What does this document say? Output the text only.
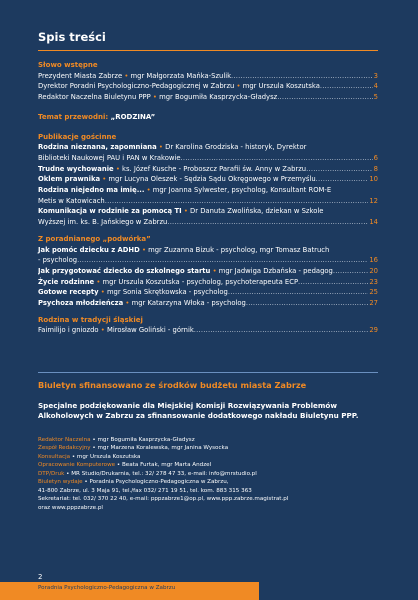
Spis treści
Słowo wstępne
Prezydent Miasta Zabrze • mgr Małgorzata Mańka-Szulik .....	3
Dyrektor Poradni Psychologiczno-Pedagogicznej w Zabrzu • mgr Urszula Koszutska .....	4
Redaktor Naczelna Biuletynu PPP • mgr Bogumiła Kasprzycka-Gładysz .....	5
Temat przewodni: „RODZINA”
Publikacje gościnne
Rodzina nieznana, zapomniana • Dr Karolina Grodziska - historyk, Dyrektor
Biblioteki Naukowej PAU i PAN w Krakowie .....	6
Trudne wychowanie • ks. Józef Kusche - Proboszcz Parafii św. Anny w Zabrzu .....	8
Oklem prawnika • mgr Lucyna Oleszek - Sędzia Sądu Okręgowego w Przemyślu .....	10
Rodzina niejedno ma imię... • mgr Joanna Sylwester, psycholog, Konsultant ROM-E
Metis w Katowicach .....	12
Komunikacja w rodzinie za pomocą TI • Dr Danuta Zwolińska, dziekan w Szkole
Wyższej im. ks. B. Jańskiego w Zabrzu .....	14
Z poradnianego „podwórka”
Jak pomóc dziecku z ADHD • mgr Zuzanna Bizuk - psycholog, mgr Tomasz Batruch
- psycholog .....	16
Jak przygotować dziecko do szkolnego startu • mgr Jadwiga Dzbańska - pedagog .....	20
Życie rodzinne • mgr Urszula Koszutska - psycholog, psychoterapeuta ECP .....	23
Gotowe recepty • mgr Sonia Skrętkowska - psycholog .....	25
Psychoza młodzieńcza • mgr Katarzyna Włoka - psycholog .....	27
Rodzina w tradycji śląskiej
Faimilijo i gniozdo • Mirosław Goliński - górnik .....	29
Biuletyn sfinansowano ze środków budżetu miasta Zabrze
Specjalne podziękowanie dla Miejskiej Komisji Rozwiązywania Problemów
Alkoholowych w Zabrzu za sfinansowanie dodatkowego nakładu Biuletynu PPP.
Redaktor Naczelna • mgr Bogumiła Kasprzycka-Gładysz
Zespół Redakcyjny • mgr Marzena Koralewska, mgr Janina Wysocka
Konsultacja • mgr Urszula Koszutska
Opracowanie Komputerowe • Beata Furtak, mgr Marta Andzel
DTP/Druk • MR Studio/Drukarnia, tel.: 32/ 278 47 33, e-mail: info@mrstudio.pl
Biuletyn wydaje • Poradnia Psychologiczno-Pedagogiczna w Zabrzu,
41-800 Zabrze, ul. 3 Maja 91, tel./fax 032/ 271 19 51, tel. kom. 883 315 363
Sekretariat: tel. 032/ 370 22 40, e-mail: pppzabrze1@op.pl, www.ppp.zabrze.magistrat.pl
oraz www.pppzabrze.pl
2
Poradnia Psychologiczno-Pedagogiczna w Zabrzu
